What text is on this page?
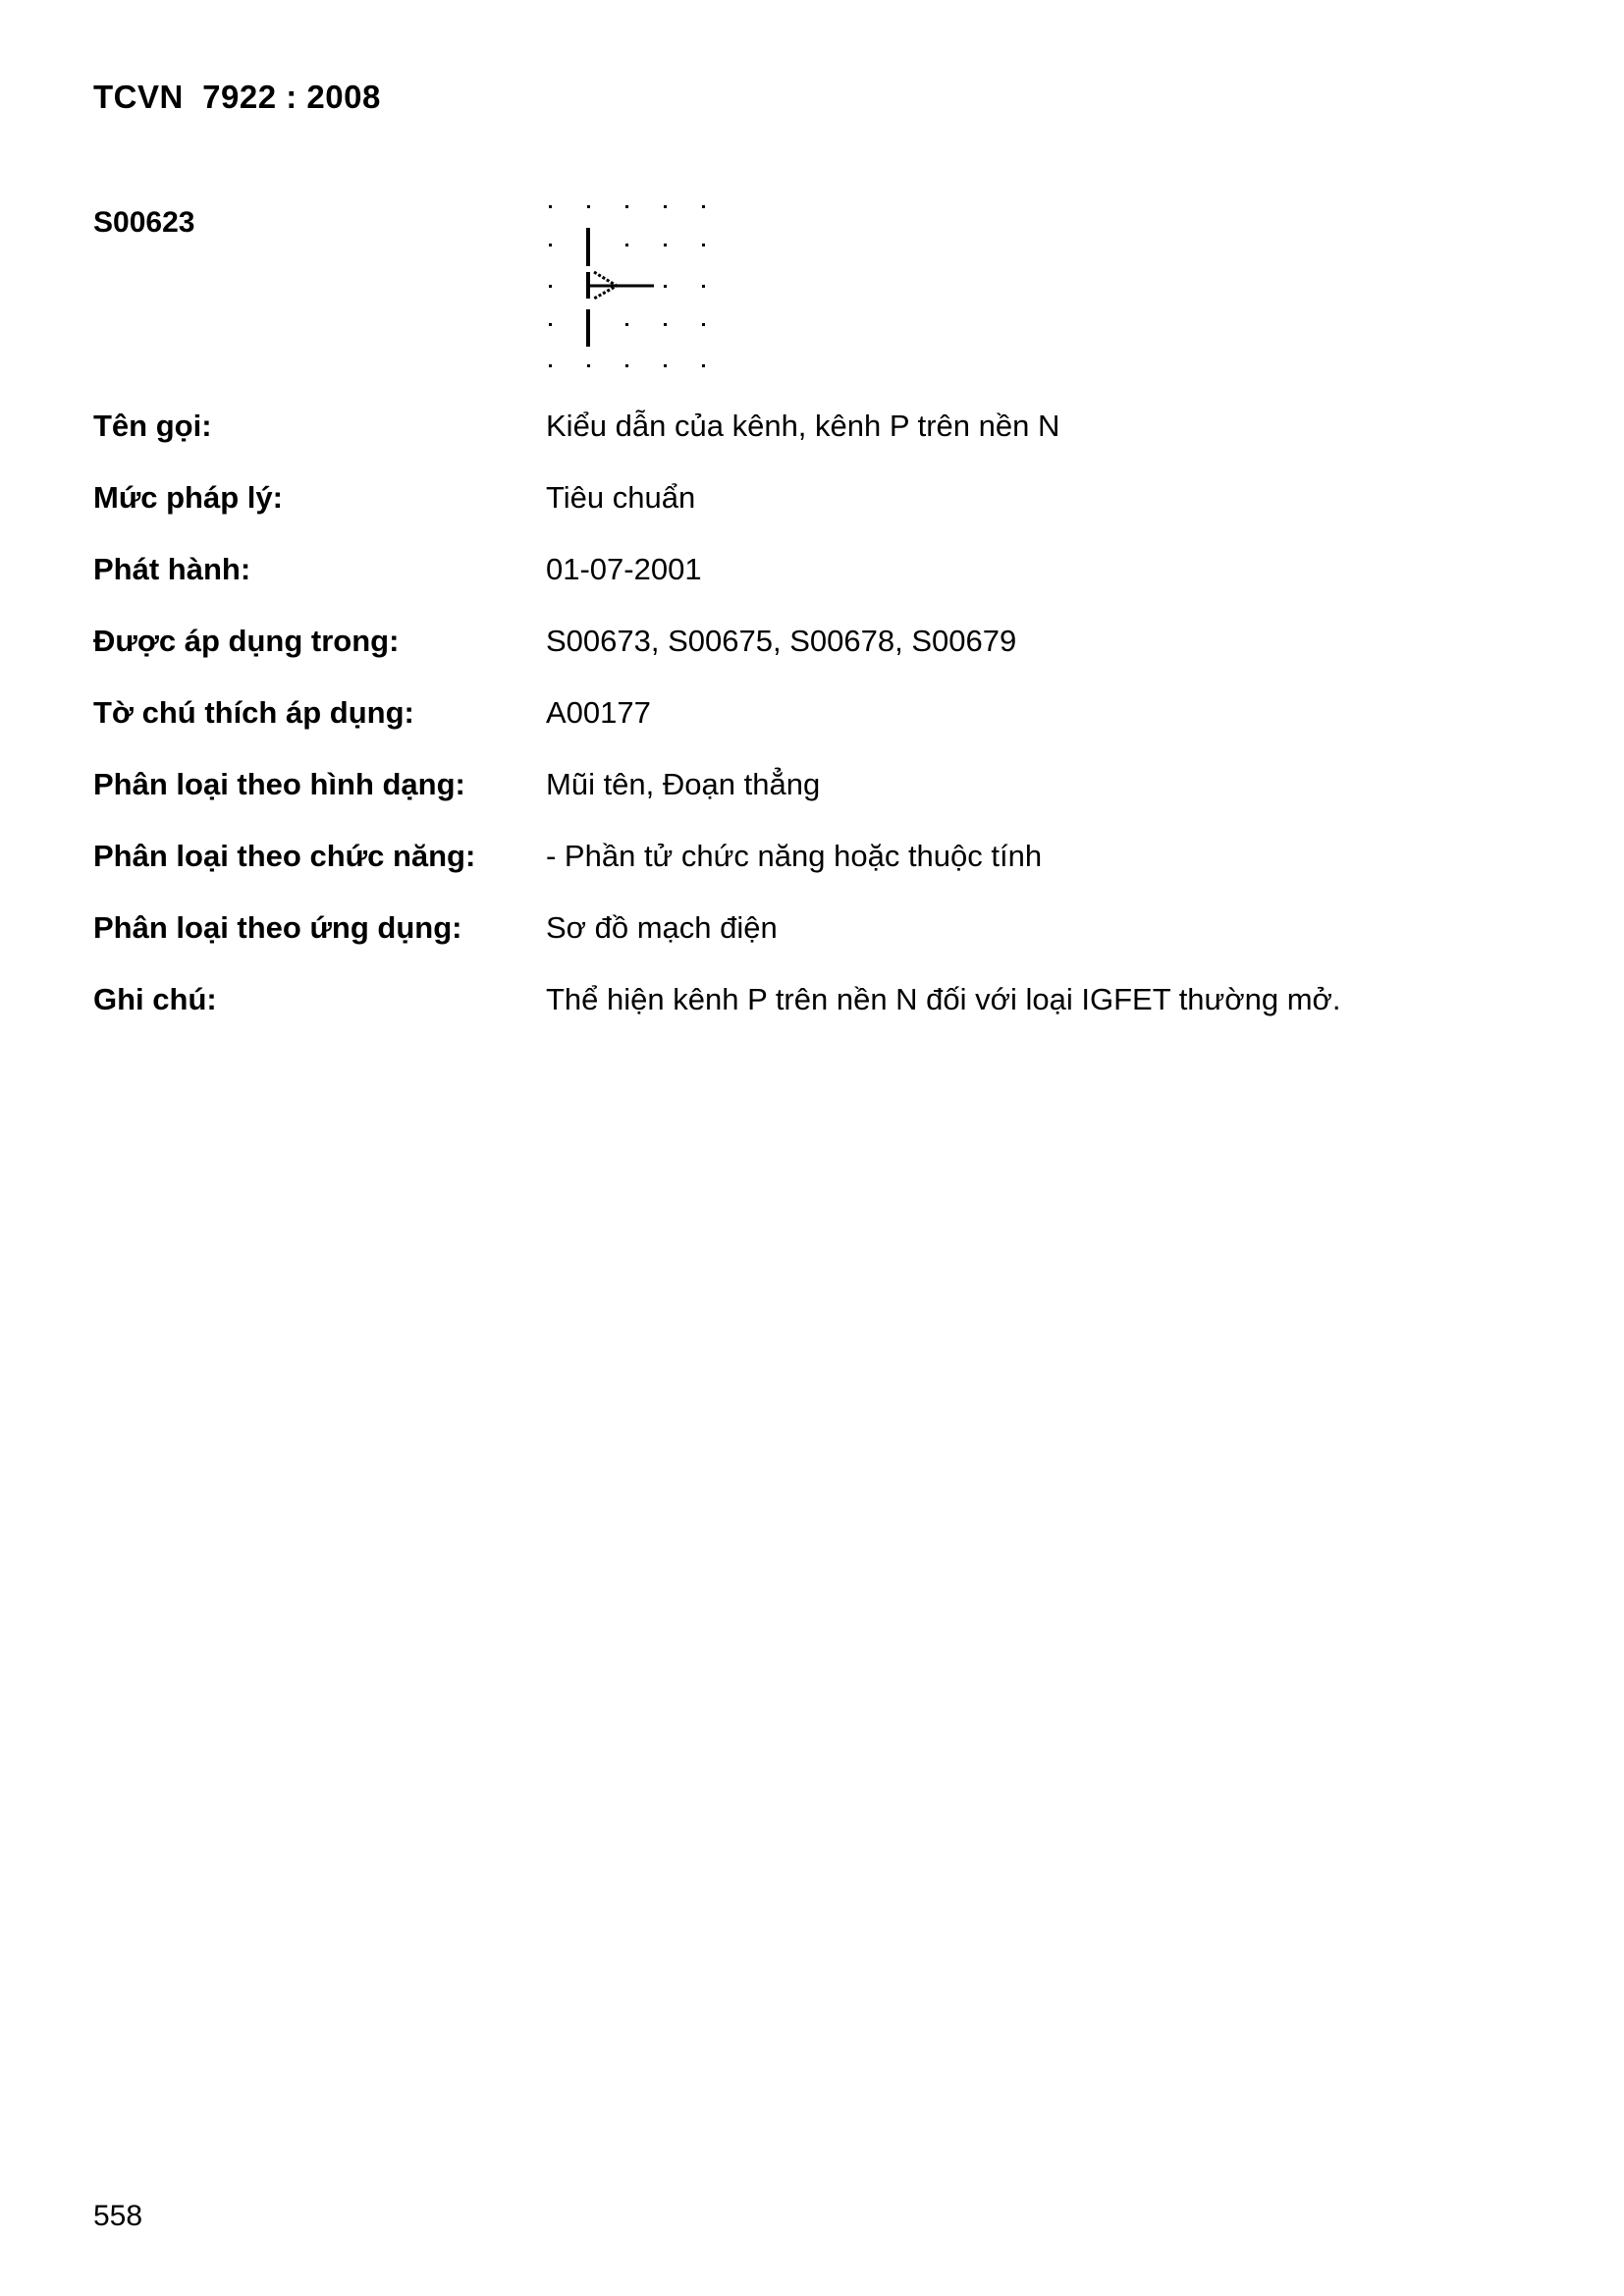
TCVN  7922 : 2008
S00623
Tên gọi:	Kiểu dẫn của kênh, kênh P trên nền N
Mức pháp lý:	Tiêu chuẩn
Phát hành:	01-07-2001
Được áp dụng trong:	S00673, S00675, S00678, S00679
Tờ chú thích áp dụng:	A00177
Phân loại theo hình dạng:	Mũi tên, Đoạn thẳng
Phân loại theo chức năng: - Phần tử chức năng hoặc thuộc tính
Phân loại theo ứng dụng:	Sơ đồ mạch điện
Ghi chú:	Thể hiện kênh P trên nền N đối với loại IGFET thường mở.
558
